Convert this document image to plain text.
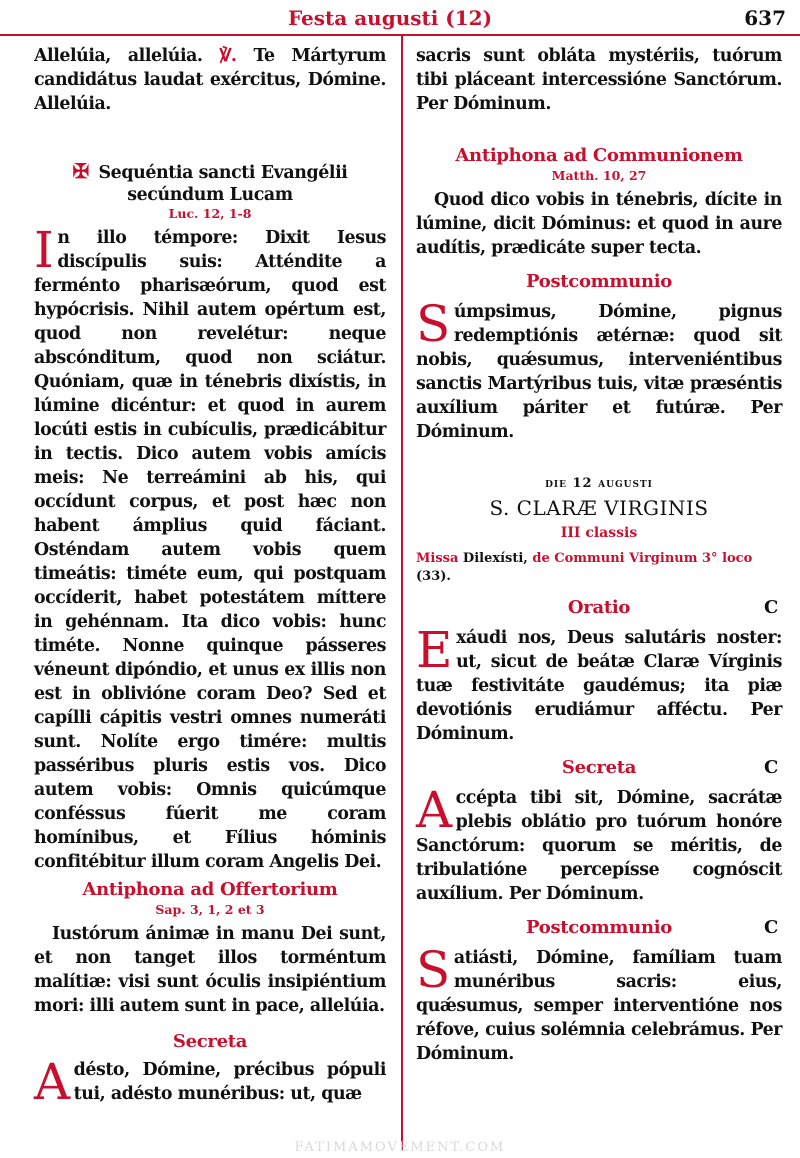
Festa augusti (12)	637

Allelúia, allelúia. ℣. Te Mártyrum candidátus laudat exércitus, Dómine. Allelúia.

✠ Sequéntia sancti Evangélii secúndum Lucam
Luc. 12, 1-8

In illo témpore: Dixit Iesus discípulis suis: Atténdite a ferménto pharisæórum, quod est hypócrisis. Nihil autem opértum est, quod non revelétur: neque abscónditum, quod non sciátur. Quóniam, quæ in ténebris dixístis, in lúmine dicéntur: et quod in aurem locúti estis in cubículis, prædicábitur in tectis. Dico autem vobis amícis meis: Ne terreámini ab his, qui occídunt corpus, et post hæc non habent ámplius quid fáciant. Osténdam autem vobis quem timeátis: timéte eum, qui postquam occíderit, habet potestátem míttere in gehénnam. Ita dico vobis: hunc timéte. Nonne quinque pásseres véneunt dipóndio, et unus ex illis non est in oblivióne coram Deo? Sed et capílli cápitis vestri omnes numeráti sunt. Nolíte ergo timére: multis passéribus pluris estis vos. Dico autem vobis: Omnis quicúmque conféssus fúerit me coram homínibus, et Fílius hóminis confitébitur illum coram Angelis Dei.

Antiphona ad Offertorium
Sap. 3, 1, 2 et 3

Iustórum ánimæ in manu Dei sunt, et non tanget illos torméntum malítiæ: visi sunt óculis insipiéntium mori: illi autem sunt in pace, allelúia.

Secreta

Adésto, Dómine, précibus pópuli tui, adésto munéribus: ut, quæ

sacris sunt obláta mystériis, tuórum tibi pláceant intercessióne Sanctórum. Per Dóminum.

Antiphona ad Communionem
Matth. 10, 27

Quod dico vobis in ténebris, dícite in lúmine, dicit Dóminus: et quod in aure audítis, prædicáte super tecta.

Postcommunio

Súmpsimus, Dómine, pignus redemptiónis ætérnæ: quod sit nobis, quǽsumus, interveniéntibus sanctis Martýribus tuis, vitæ præséntis auxílium páriter et futúræ. Per Dóminum.

die 12 augusti
S. CLARÆ VIRGINIS
III classis

Missa Dilexísti, de Communi Virginum 3° loco (33).

Oratio	C

Exáudi nos, Deus salutáris noster: ut, sicut de beátæ Claræ Vírginis tuæ festivitáte gaudémus; ita piæ devotiónis erudiámur afféctu. Per Dóminum.

Secreta	C

Accépta tibi sit, Dómine, sacrátæ plebis oblátio pro tuórum honóre Sanctórum: quorum se méritis, de tribulatióne percepísse cognóscit auxílium. Per Dóminum.

Postcommunio	C

Satiásti, Dómine, famíliam tuam munéribus sacris: eius, quǽsumus, semper interventióne nos réfove, cuius solémnia celebrámus. Per Dóminum.

FATIMAMOVEMENT.COM
